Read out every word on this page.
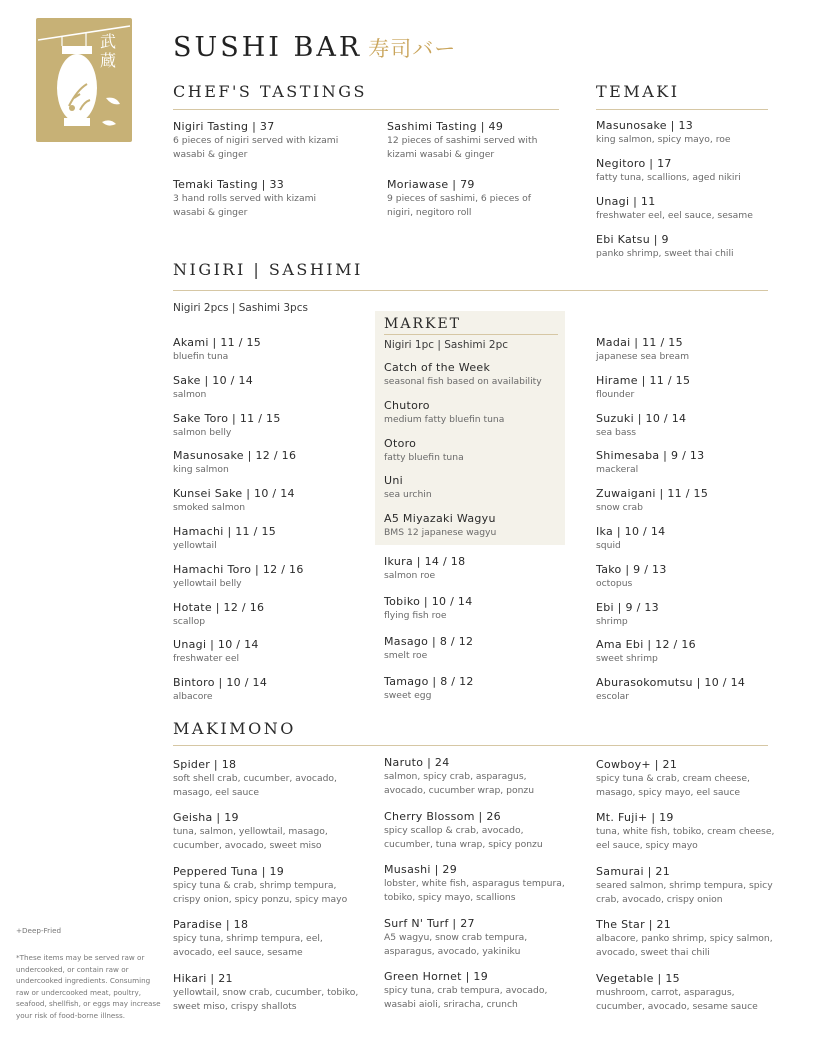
武蔵 SUSHI BAR 寿司バー
CHEF'S TASTINGS
Nigiri Tasting | 37
6 pieces of nigiri served with kizami wasabi & ginger
Sashimi Tasting | 49
12 pieces of sashimi served with kizami wasabi & ginger
Temaki Tasting | 33
3 hand rolls served with kizami wasabi & ginger
Moriawase | 79
9 pieces of sashimi, 6 pieces of nigiri, negitoro roll
TEMAKI
Masunosake | 13
king salmon, spicy mayo, roe
Negitoro | 17
fatty tuna, scallions, aged nikiri
Unagi | 11
freshwater eel, eel sauce, sesame
Ebi Katsu | 9
panko shrimp, sweet thai chili
NIGIRI | SASHIMI
Nigiri 2pcs | Sashimi 3pcs
MARKET
Nigiri 1pc | Sashimi 2pc
Akami | 11 / 15
bluefin tuna
Sake | 10 / 14
salmon
Sake Toro | 11 / 15
salmon belly
Masunosake | 12 / 16
king salmon
Kunsei Sake | 10 / 14
smoked salmon
Hamachi | 11 / 15
yellowtail
Hamachi Toro | 12 / 16
yellowtail belly
Hotate | 12 / 16
scallop
Unagi | 10 / 14
freshwater eel
Bintoro | 10 / 14
albacore
Catch of the Week
seasonal fish based on availability
Chutoro
medium fatty bluefin tuna
Otoro
fatty bluefin tuna
Uni
sea urchin
A5 Miyazaki Wagyu
BMS 12 japanese wagyu
Ikura | 14 / 18
salmon roe
Tobiko | 10 / 14
flying fish roe
Masago | 8 / 12
smelt roe
Tamago | 8 / 12
sweet egg
Madai | 11 / 15
japanese sea bream
Hirame | 11 / 15
flounder
Suzuki | 10 / 14
sea bass
Shimesaba | 9 / 13
mackeral
Zuwaigani | 11 / 15
snow crab
Ika | 10 / 14
squid
Tako | 9 / 13
octopus
Ebi | 9 / 13
shrimp
Ama Ebi | 12 / 16
sweet shrimp
Aburasokomutsu | 10 / 14
escolar
MAKIMONO
Spider | 18
soft shell crab, cucumber, avocado, masago, eel sauce
Geisha | 19
tuna, salmon, yellowtail, masago, cucumber, avocado, sweet miso
Peppered Tuna | 19
spicy tuna & crab, shrimp tempura, crispy onion, spicy ponzu, spicy mayo
Paradise | 18
spicy tuna, shrimp tempura, eel, avocado, eel sauce, sesame
Hikari | 21
yellowtail, snow crab, cucumber, tobiko, sweet miso, crispy shallots
Naruto | 24
salmon, spicy crab, asparagus, avocado, cucumber wrap, ponzu
Cherry Blossom | 26
spicy scallop & crab, avocado, cucumber, tuna wrap, spicy ponzu
Musashi | 29
lobster, white fish, asparagus tempura, tobiko, spicy mayo, scallions
Surf N' Turf | 27
A5 wagyu, snow crab tempura, asparagus, avocado, yakiniku
Green Hornet | 19
spicy tuna, crab tempura, avocado, wasabi aioli, sriracha, crunch
Cowboy+ | 21
spicy tuna & crab, cream cheese, masago, spicy mayo, eel sauce
Mt. Fuji+ | 19
tuna, white fish, tobiko, cream cheese, eel sauce, spicy mayo
Samurai | 21
seared salmon, shrimp tempura, spicy crab, avocado, crispy onion
The Star | 21
albacore, panko shrimp, spicy salmon, avocado, sweet thai chili
Vegetable | 15
mushroom, carrot, asparagus, cucumber, avocado, sesame sauce
+Deep-Fried
*These items may be served raw or undercooked, or contain raw or undercooked ingredients. Consuming raw or undercooked meat, poultry, seafood, shellfish, or eggs may increase your risk of food-borne illness.
